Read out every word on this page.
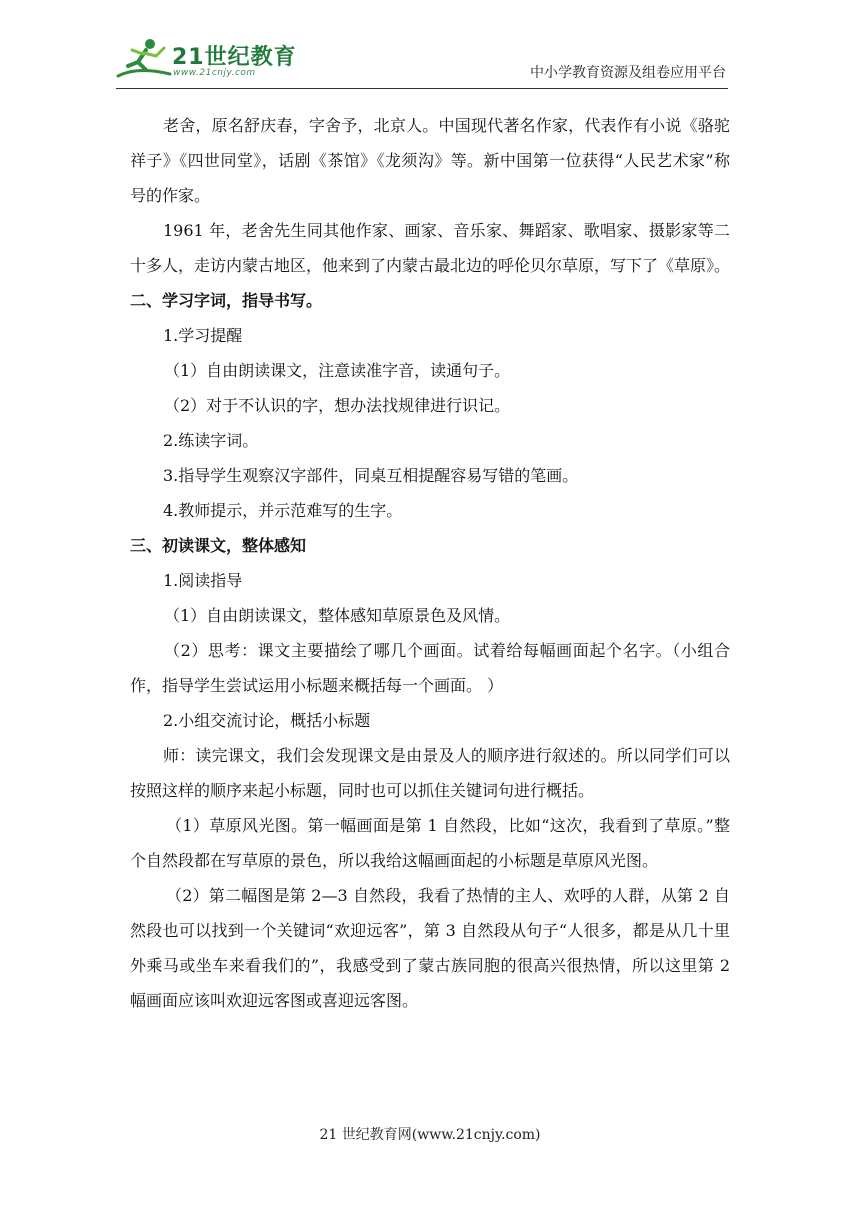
21世纪教育
www.21cnjy.com	中小学教育资源及组卷应用平台

老舍，原名舒庆春，字舍予，北京人。中国现代著名作家，代表作有小说《骆驼祥子》《四世同堂》，话剧《茶馆》《龙须沟》等。新中国第一位获得“人民艺术家”称号的作家。

1961 年，老舍先生同其他作家、画家、音乐家、舞蹈家、歌唱家、摄影家等二十多人，走访内蒙古地区，他来到了内蒙古最北边的呼伦贝尔草原，写下了《草原》。

二、学习字词，指导书写。

1.学习提醒

（1）自由朗读课文，注意读准字音，读通句子。

（2）对于不认识的字，想办法找规律进行识记。

2.练读字词。

3.指导学生观察汉字部件，同桌互相提醒容易写错的笔画。

4.教师提示，并示范难写的生字。

三、初读课文，整体感知

1.阅读指导

（1）自由朗读课文，整体感知草原景色及风情。

（2）思考：课文主要描绘了哪几个画面。试着给每幅画面起个名字。（小组合作，指导学生尝试运用小标题来概括每一个画面。 ）

2.小组交流讨论，概括小标题

师：读完课文，我们会发现课文是由景及人的顺序进行叙述的。所以同学们可以按照这样的顺序来起小标题，同时也可以抓住关键词句进行概括。

（1）草原风光图。第一幅画面是第 1 自然段，比如“这次，我看到了草原。”整个自然段都在写草原的景色，所以我给这幅画面起的小标题是草原风光图。

（2）第二幅图是第 2—3 自然段，我看了热情的主人、欢呼的人群，从第 2 自然段也可以找到一个关键词“欢迎远客”，第 3 自然段从句子“人很多，都是从几十里外乘马或坐车来看我们的”，我感受到了蒙古族同胞的很高兴很热情，所以这里第 2 幅画面应该叫欢迎远客图或喜迎远客图。

21 世纪教育网(www.21cnjy.com)
